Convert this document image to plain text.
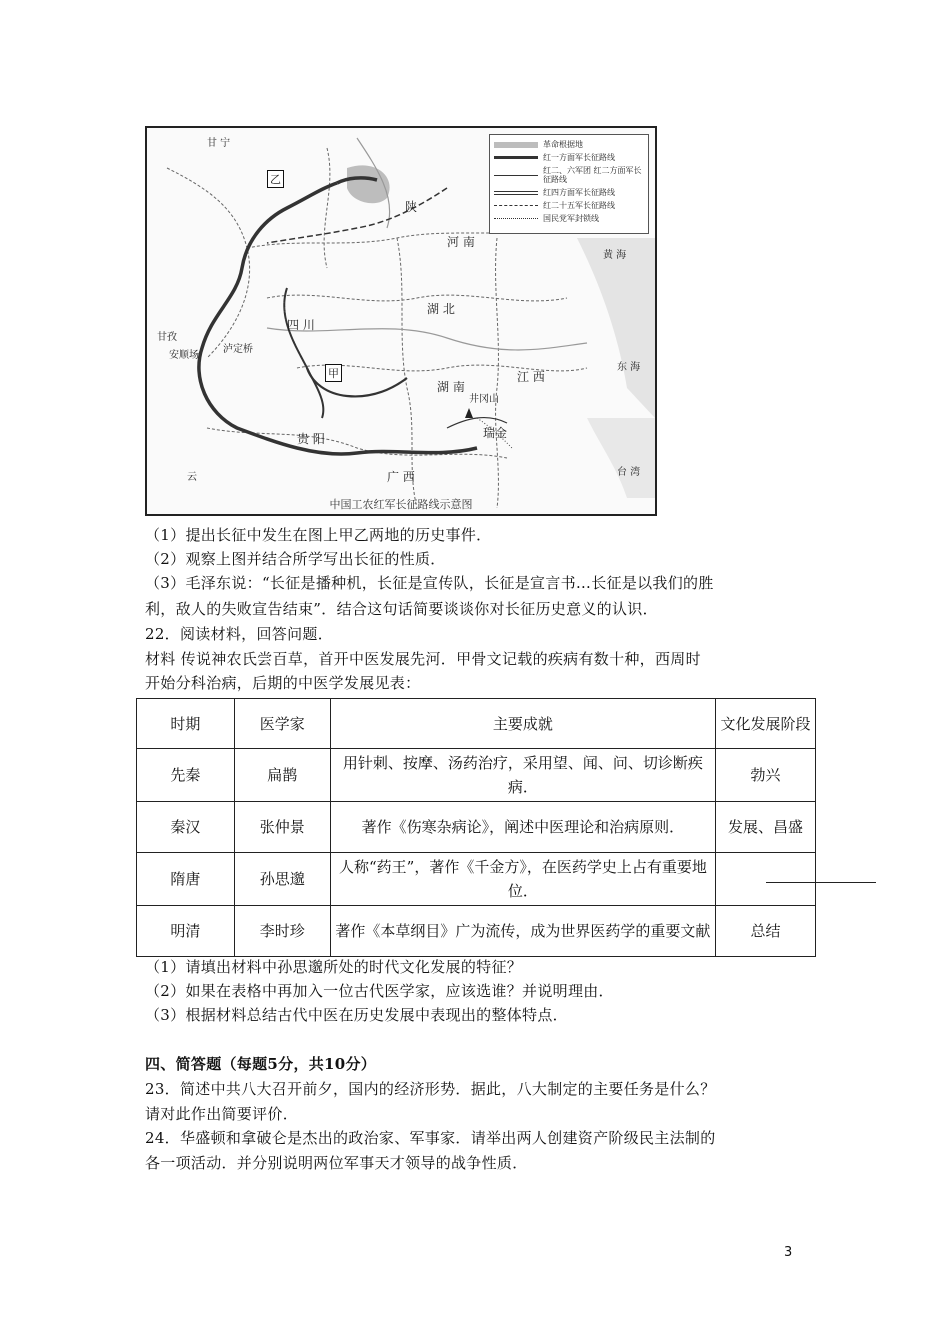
革命根据地
红一方面军长征路线
红二、六军团 红二方面军长征路线
红四方面军长征路线
红二十五军长征路线
国民党军封锁线
甘 宁
乙
陕
河 南
甘孜
安顺场
泸定桥
四 川
湖 北
甲
湖 南
江 西
井冈山
瑞金
贵 阳
广 西
云
黄 海
东 海
台 湾
中国工农红军长征路线示意图
（1）提出长征中发生在图上甲乙两地的历史事件．
（2）观察上图并结合所学写出长征的性质．
（3）毛泽东说：“长征是播种机，长征是宣传队，长征是宣言书…长征是以我们的胜
利，敌人的失败宣告结束”．结合这句话简要谈谈你对长征历史意义的认识．
22．阅读材料，回答问题．
材料 传说神农氏尝百草，首开中医发展先河．甲骨文记载的疾病有数十种，西周时
开始分科治病，后期的中医学发展见表：
时期	医学家	主要成就	文化发展阶段
先秦	扁鹊	用针刺、按摩、汤药治疗，采用望、闻、问、切诊断疾病．	勃兴
秦汉	张仲景	著作《伤寒杂病论》，阐述中医理论和治病原则．	发展、昌盛
隋唐	孙思邈	人称“药王”，著作《千金方》，在医药学史上占有重要地位．	
明清	李时珍	著作《本草纲目》广为流传，成为世界医药学的重要文献	总结
（1）请填出材料中孙思邈所处的时代文化发展的特征？
（2）如果在表格中再加入一位古代医学家，应该选谁？并说明理由．
（3）根据材料总结古代中医在历史发展中表现出的整体特点．
四、简答题（每题5分，共10分）
23．简述中共八大召开前夕，国内的经济形势．据此，八大制定的主要任务是什么？
请对此作出简要评价．
24．华盛顿和拿破仑是杰出的政治家、军事家．请举出两人创建资产阶级民主法制的
各一项活动．并分别说明两位军事天才领导的战争性质．
3
